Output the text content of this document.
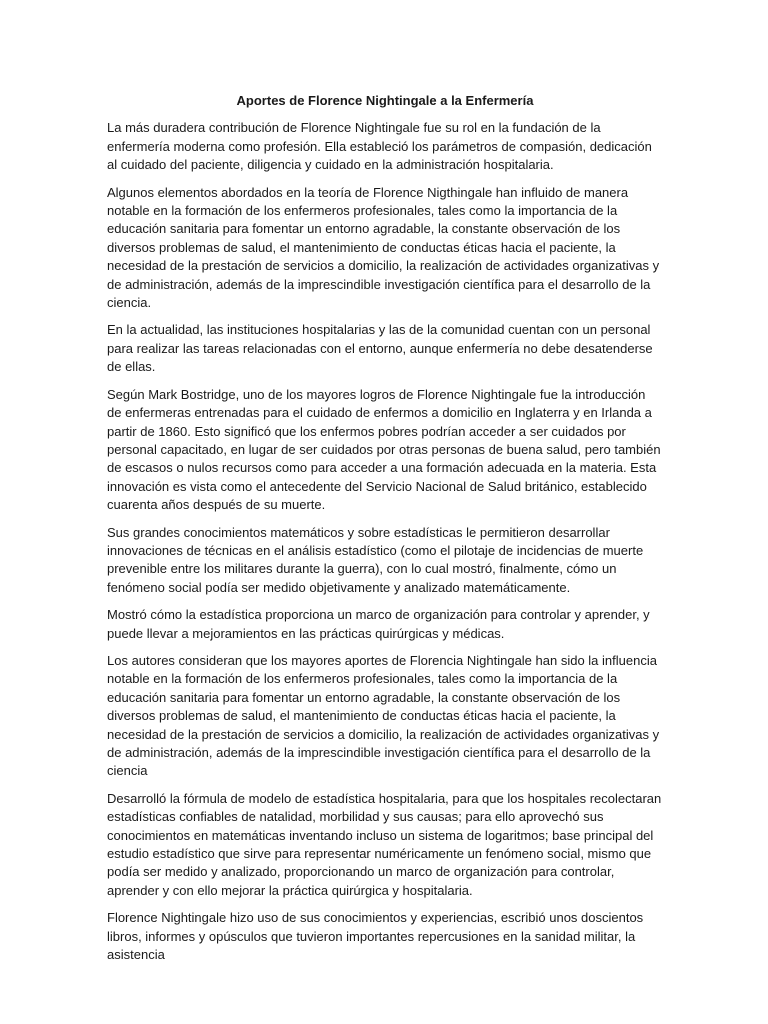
Aportes de Florence Nightingale a la Enfermería

La más duradera contribución de Florence Nightingale fue su rol en la fundación de la enfermería moderna como profesión. Ella estableció los parámetros de compasión, dedicación al cuidado del paciente, diligencia y cuidado en la administración hospitalaria.

Algunos elementos abordados en la teoría de Florence Nigthingale han influido de manera notable en la formación de los enfermeros profesionales, tales como la importancia de la educación sanitaria para fomentar un entorno agradable, la constante observación de los diversos problemas de salud, el mantenimiento de conductas éticas hacia el paciente, la necesidad de la prestación de servicios a domicilio, la realización de actividades organizativas y de administración, además de la imprescindible investigación científica para el desarrollo de la ciencia.

En la actualidad, las instituciones hospitalarias y las de la comunidad cuentan con un personal para realizar las tareas relacionadas con el entorno, aunque enfermería no debe desatenderse de ellas.

Según Mark Bostridge, uno de los mayores logros de Florence Nightingale fue la introducción de enfermeras entrenadas para el cuidado de enfermos a domicilio en Inglaterra y en Irlanda a partir de 1860. Esto significó que los enfermos pobres podrían acceder a ser cuidados por personal capacitado, en lugar de ser cuidados por otras personas de buena salud, pero también de escasos o nulos recursos como para acceder a una formación adecuada en la materia. Esta innovación es vista como el antecedente del Servicio Nacional de Salud británico, establecido cuarenta años después de su muerte.

Sus grandes conocimientos matemáticos y sobre estadísticas le permitieron desarrollar innovaciones de técnicas en el análisis estadístico (como el pilotaje de incidencias de muerte prevenible entre los militares durante la guerra), con lo cual mostró, finalmente, cómo un fenómeno social podía ser medido objetivamente y analizado matemáticamente.

Mostró cómo la estadística proporciona un marco de organización para controlar y aprender, y puede llevar a mejoramientos en las prácticas quirúrgicas y médicas.

Los autores consideran que los mayores aportes de Florencia Nightingale han sido la influencia notable en la formación de los enfermeros profesionales, tales como la importancia de la educación sanitaria para fomentar un entorno agradable, la constante observación de los diversos problemas de salud, el mantenimiento de conductas éticas hacia el paciente, la necesidad de la prestación de servicios a domicilio, la realización de actividades organizativas y de administración, además de la imprescindible investigación científica para el desarrollo de la ciencia

Desarrolló la fórmula de modelo de estadística hospitalaria, para que los hospitales recolectaran estadísticas confiables de natalidad, morbilidad y sus causas; para ello aprovechó sus conocimientos en matemáticas inventando incluso un sistema de logaritmos; base principal del estudio estadístico que sirve para representar numéricamente un fenómeno social, mismo que podía ser medido y analizado, proporcionando un marco de organización para controlar, aprender y con ello mejorar la práctica quirúrgica y hospitalaria.

Florence Nightingale hizo uso de sus conocimientos y experiencias, escribió unos doscientos libros, informes y opúsculos que tuvieron importantes repercusiones en la sanidad militar, la asistencia
